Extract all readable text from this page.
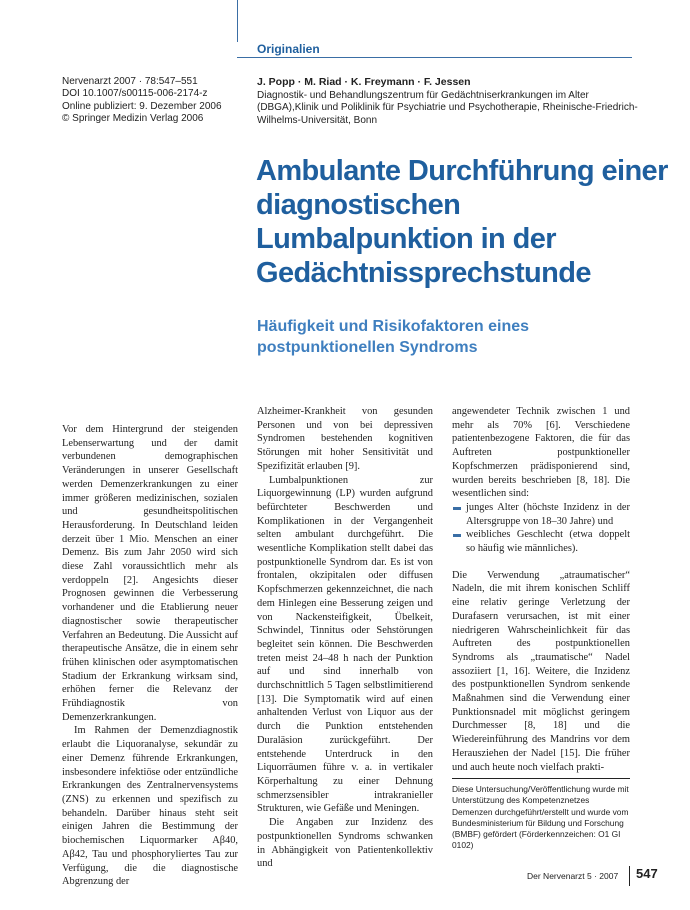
Originalien
Nervenarzt 2007 · 78:547–551
DOI 10.1007/s00115-006-2174-z
Online publiziert: 9. Dezember 2006
© Springer Medizin Verlag 2006
J. Popp · M. Riad · K. Freymann · F. Jessen
Diagnostik- und Behandlungszentrum für Gedächtniserkrankungen im Alter (DBGA),Klinik und Poliklinik für Psychiatrie und Psychotherapie, Rheinische-Friedrich-Wilhelms-Universität, Bonn
Ambulante Durchführung einer diagnostischen Lumbalpunktion in der Gedächtnissprechstunde
Häufigkeit und Risikofaktoren eines postpunktionellen Syndroms

Vor dem Hintergrund der steigenden Lebenserwartung und der damit verbundenen demographischen Veränderungen in unserer Gesellschaft werden Demenzerkrankungen zu einer immer größeren medizinischen, sozialen und gesundheitspolitischen Herausforderung. In Deutschland leiden derzeit über 1 Mio. Menschen an einer Demenz. Bis zum Jahr 2050 wird sich diese Zahl voraussichtlich mehr als verdoppeln [2]. Angesichts dieser Prognosen gewinnen die Verbesserung vorhandener und die Etablierung neuer diagnostischer sowie therapeutischer Verfahren an Bedeutung. Die Aussicht auf therapeutische Ansätze, die in einem sehr frühen klinischen oder asymptomatischen Stadium der Erkrankung wirksam sind, erhöhen ferner die Relevanz der Frühdiagnostik von Demenzerkrankungen.

Im Rahmen der Demenzdiagnostik erlaubt die Liquoranalyse, sekundär zu einer Demenz führende Erkrankungen, insbesondere infektiöse oder entzündliche Erkrankungen des Zentralnervensystems (ZNS) zu erkennen und spezifisch zu behandeln. Darüber hinaus steht seit einigen Jahren die Bestimmung der biochemischen Liquormarker Aβ40, Aβ42, Tau und phosphoryliertes Tau zur Verfügung, die die diagnostische Abgrenzung der

Alzheimer-Krankheit von gesunden Personen und von bei depressiven Syndromen bestehenden kognitiven Störungen mit hoher Sensitivität und Spezifizität erlauben [9].

Lumbalpunktionen zur Liquorgewinnung (LP) wurden aufgrund befürchteter Beschwerden und Komplikationen in der Vergangenheit selten ambulant durchgeführt. Die wesentliche Komplikation stellt dabei das postpunktionelle Syndrom dar. Es ist von frontalen, okzipitalen oder diffusen Kopfschmerzen gekennzeichnet, die nach dem Hinlegen eine Besserung zeigen und von Nackensteifigkeit, Übelkeit, Schwindel, Tinnitus oder Sehstörungen begleitet sein können. Die Beschwerden treten meist 24–48 h nach der Punktion auf und sind innerhalb von durchschnittlich 5 Tagen selbstlimitierend [13]. Die Symptomatik wird auf einen anhaltenden Verlust von Liquor aus der durch die Punktion entstehenden Duraläsion zurückgeführt. Der entstehende Unterdruck in den Liquorräumen führe v. a. in vertikaler Körperhaltung zu einer Dehnung schmerzsensibler intrakranieller Strukturen, wie Gefäße und Meningen.

Die Angaben zur Inzidenz des postpunktionellen Syndroms schwanken in Abhängigkeit von Patientenkollektiv und

angewendeter Technik zwischen 1 und mehr als 70% [6]. Verschiedene patientenbezogene Faktoren, die für das Auftreten postpunktioneller Kopfschmerzen prädisponierend sind, wurden bereits beschrieben [8, 18]. Die wesentlichen sind:

junges Alter (höchste Inzidenz in der Altersgruppe von 18–30 Jahre) und
weibliches Geschlecht (etwa doppelt so häufig wie männliches).

Die Verwendung „atraumatischer“ Nadeln, die mit ihrem konischen Schliff eine relativ geringe Verletzung der Durafasern verursachen, ist mit einer niedrigeren Wahrscheinlichkeit für das Auftreten des postpunktionellen Syndroms als „traumatische“ Nadel assoziiert [1, 16]. Weitere, die Inzidenz des postpunktionellen Syndrom senkende Maßnahmen sind die Verwendung einer Punktionsnadel mit möglichst geringem Durchmesser [8, 18] und die Wiedereinführung des Mandrins vor dem Herausziehen der Nadel [15]. Die früher und auch heute noch vielfach prakti-

Diese Untersuchung/Veröffentlichung wurde mit Unterstützung des Kompetenznetzes Demenzen durchgeführt/erstellt und wurde vom Bundesministerium für Bildung und Forschung (BMBF) gefördert (Förderkennzeichen: O1 GI 0102)
Der Nervenarzt 5 · 2007 547
